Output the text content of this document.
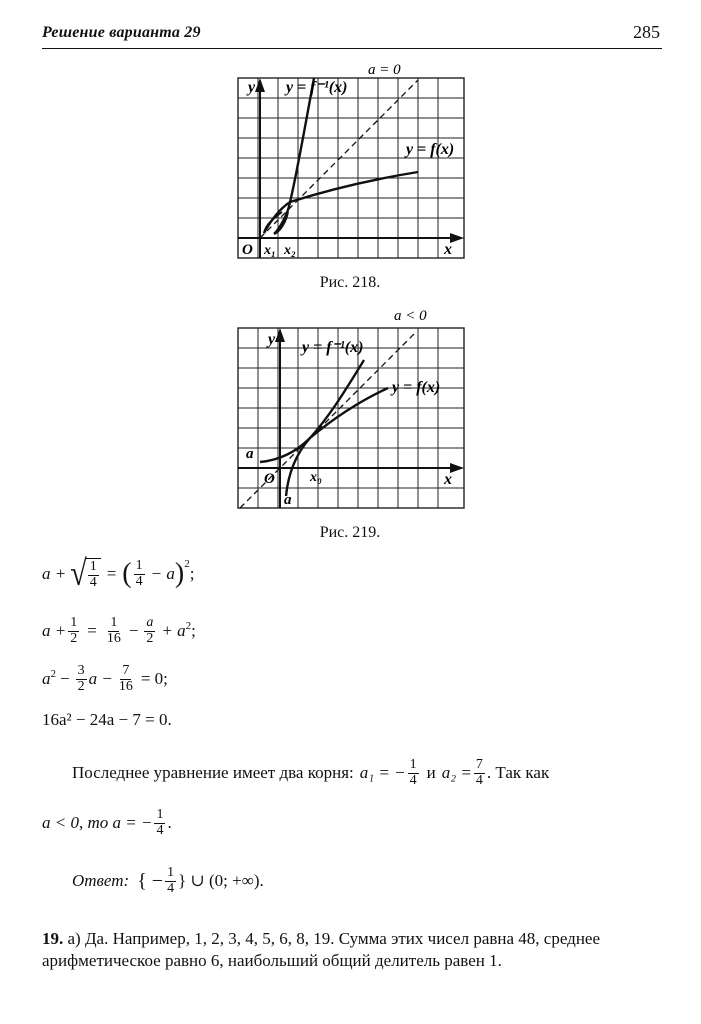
Решение варианта 29	285
y y = f⁻¹(x)
a = 0
y = f(x)
O x₁ x₂	x
Рис. 218.
y y = f⁻¹(x)
a < 0
y = f(x)
a
O	x₀
a
x
Рис. 219.
a + √ $\frac{1}{4}$ = ( $\frac{1}{4} - a$ )$^2$
;
$a + \frac{1}{2} = \frac{1}{16} - \frac{a}{2} + a^2$ ;
$a^2 - \frac{3}{2}$ $a - \frac{7}{16} = 0$;
16a² − 24a − 7 = 0.
Последнее уравнение имеет два корня: a₁ = − $\frac{1}{4}$ и $a_2 = \frac{7}{4}$ . Так как
a < 0, то a = − $\frac{1}{4}$ .
Ответ: { − $\frac{1}{4}$ } ∪ (0; +∞).
19. а) Да. Например, 1, 2, 3, 4, 5, 6, 8, 19. Сумма этих чисел равна 48, среднее арифметическое равно 6, наибольший общий делитель равен 1.
